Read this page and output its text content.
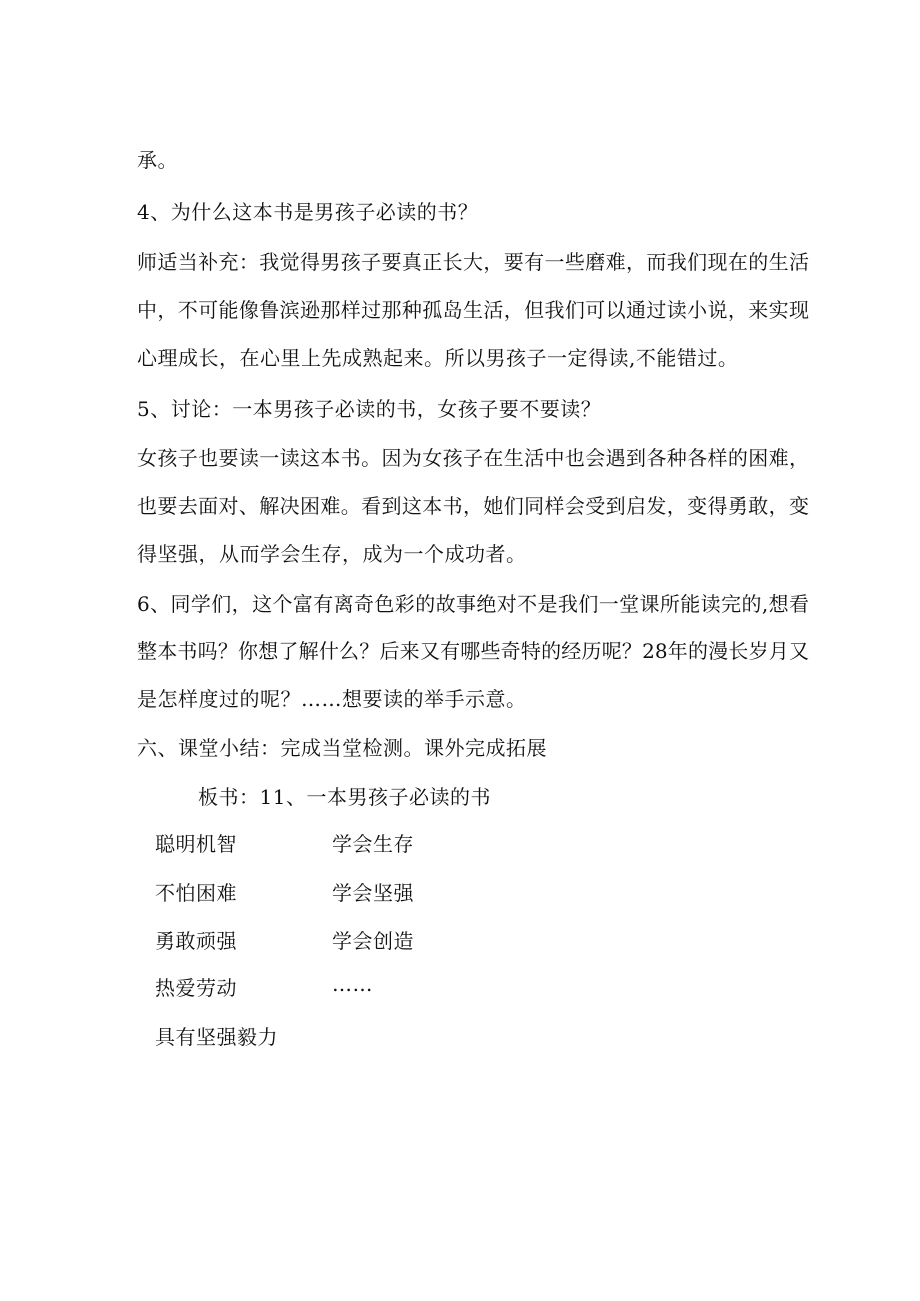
承。
4、为什么这本书是男孩子必读的书？
师适当补充：我觉得男孩子要真正长大，要有一些磨难，而我们现在的生活
中，不可能像鲁滨逊那样过那种孤岛生活，但我们可以通过读小说，来实现
心理成长，在心里上先成熟起来。所以男孩子一定得读,不能错过。
5、讨论：一本男孩子必读的书，女孩子要不要读？
女孩子也要读一读这本书。因为女孩子在生活中也会遇到各种各样的困难，
也要去面对、解决困难。看到这本书，她们同样会受到启发，变得勇敢，变
得坚强，从而学会生存，成为一个成功者。
6、同学们，这个富有离奇色彩的故事绝对不是我们一堂课所能读完的,想看
整本书吗？你想了解什么？后来又有哪些奇特的经历呢？28年的漫长岁月又
是怎样度过的呢？……想要读的举手示意。
六、课堂小结：完成当堂检测。课外完成拓展
板书：11、一本男孩子必读的书
聪明机智	学会生存
不怕困难	学会坚强
勇敢顽强	学会创造
热爱劳动	……
具有坚强毅力
